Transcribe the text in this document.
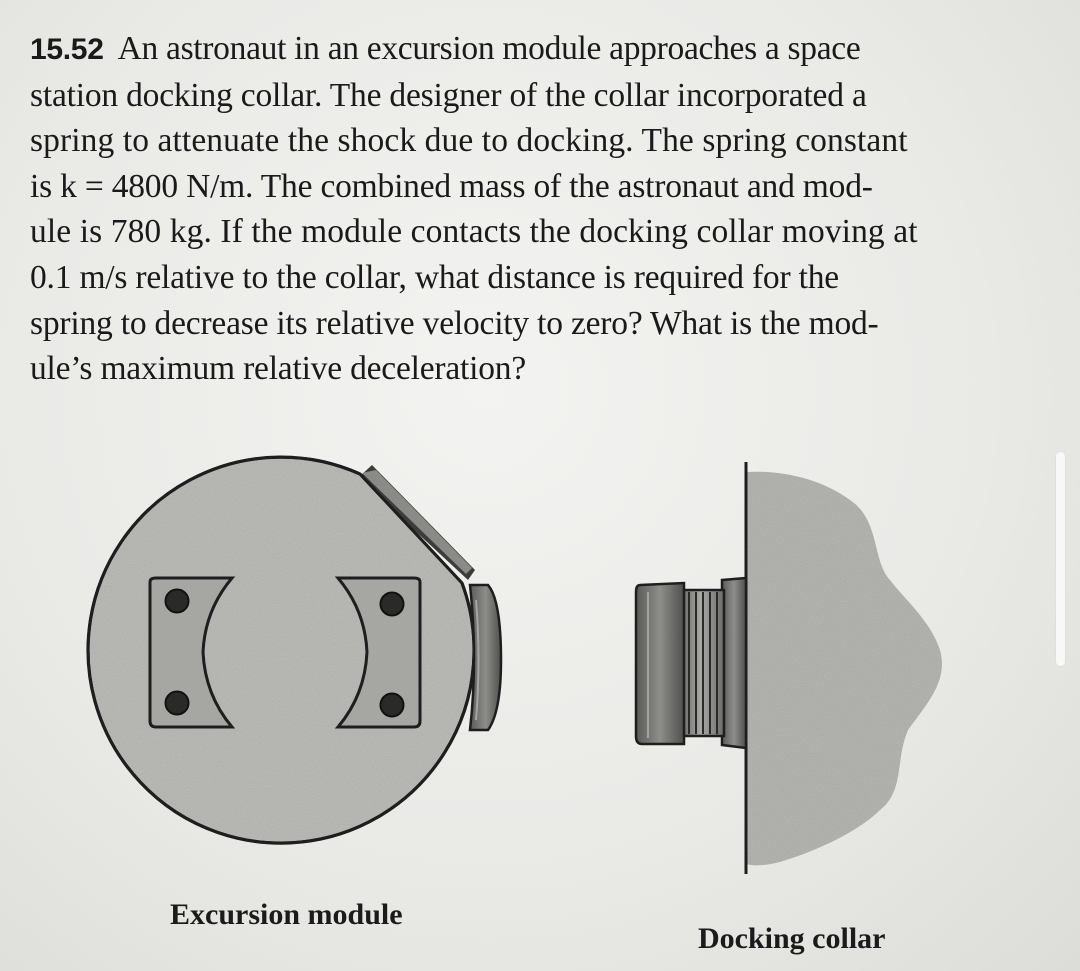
15.52 An astronaut in an excursion module approaches a space
station docking collar. The designer of the collar incorporated a
spring to attenuate the shock due to docking. The spring constant
is k = 4800 N/m. The combined mass of the astronaut and mod-
ule is 780 kg. If the module contacts the docking collar moving at
0.1 m/s relative to the collar, what distance is required for the
spring to decrease its relative velocity to zero? What is the mod-
ule’s maximum relative deceleration?
Excursion module
Docking collar
